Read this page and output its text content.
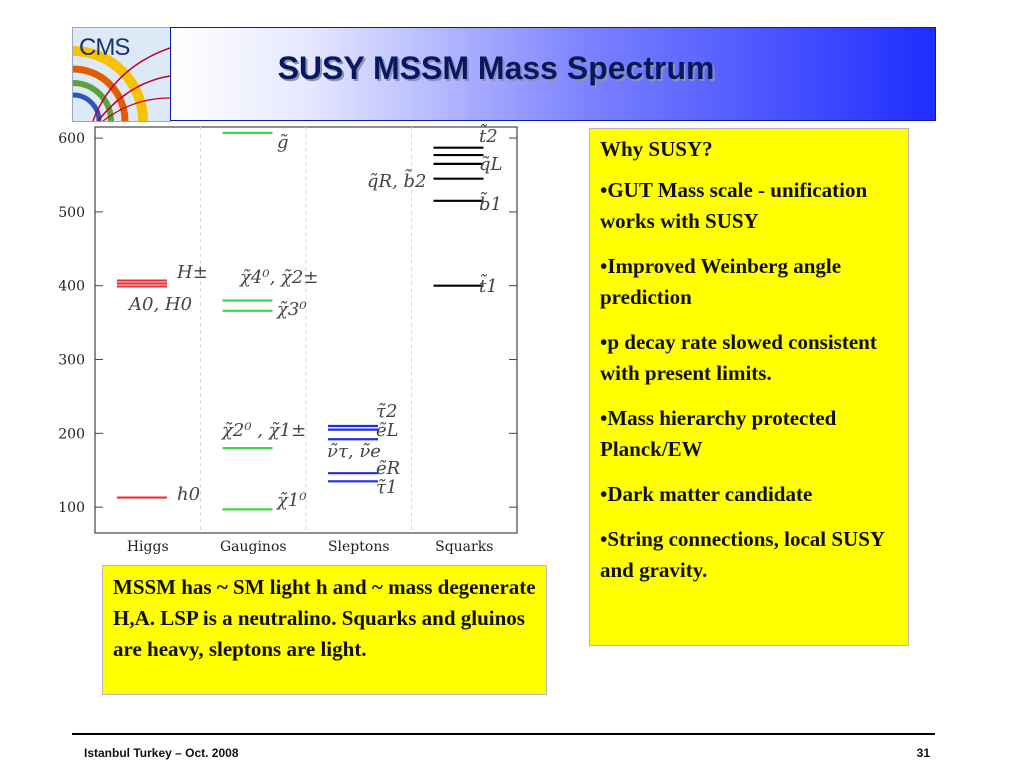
CMS
SUSY MSSM Mass Spectrum
100
200
300
400
500
600
Higgs	Gauginos	Sleptons	Squarks
H±
A0, H0
h0
g̃
χ̃4⁰, χ̃2±
χ̃3⁰
χ̃2⁰ , χ̃1±
χ̃1⁰
τ̃2
ẽL
ν̃τ, ν̃e
ẽR
τ̃1
t̃2
q̃L
q̃R, b̃2
b̃1
t̃1
Why SUSY?
•GUT Mass scale - unification works with SUSY
•Improved Weinberg angle prediction
•p decay rate slowed consistent with present limits.
•Mass hierarchy protected Planck/EW
•Dark matter candidate
•String connections, local SUSY and gravity.
MSSM has ~ SM light h and ~ mass degenerate H,A. LSP is a neutralino. Squarks and gluinos are heavy, sleptons are light.
Istanbul Turkey – Oct. 2008	31
